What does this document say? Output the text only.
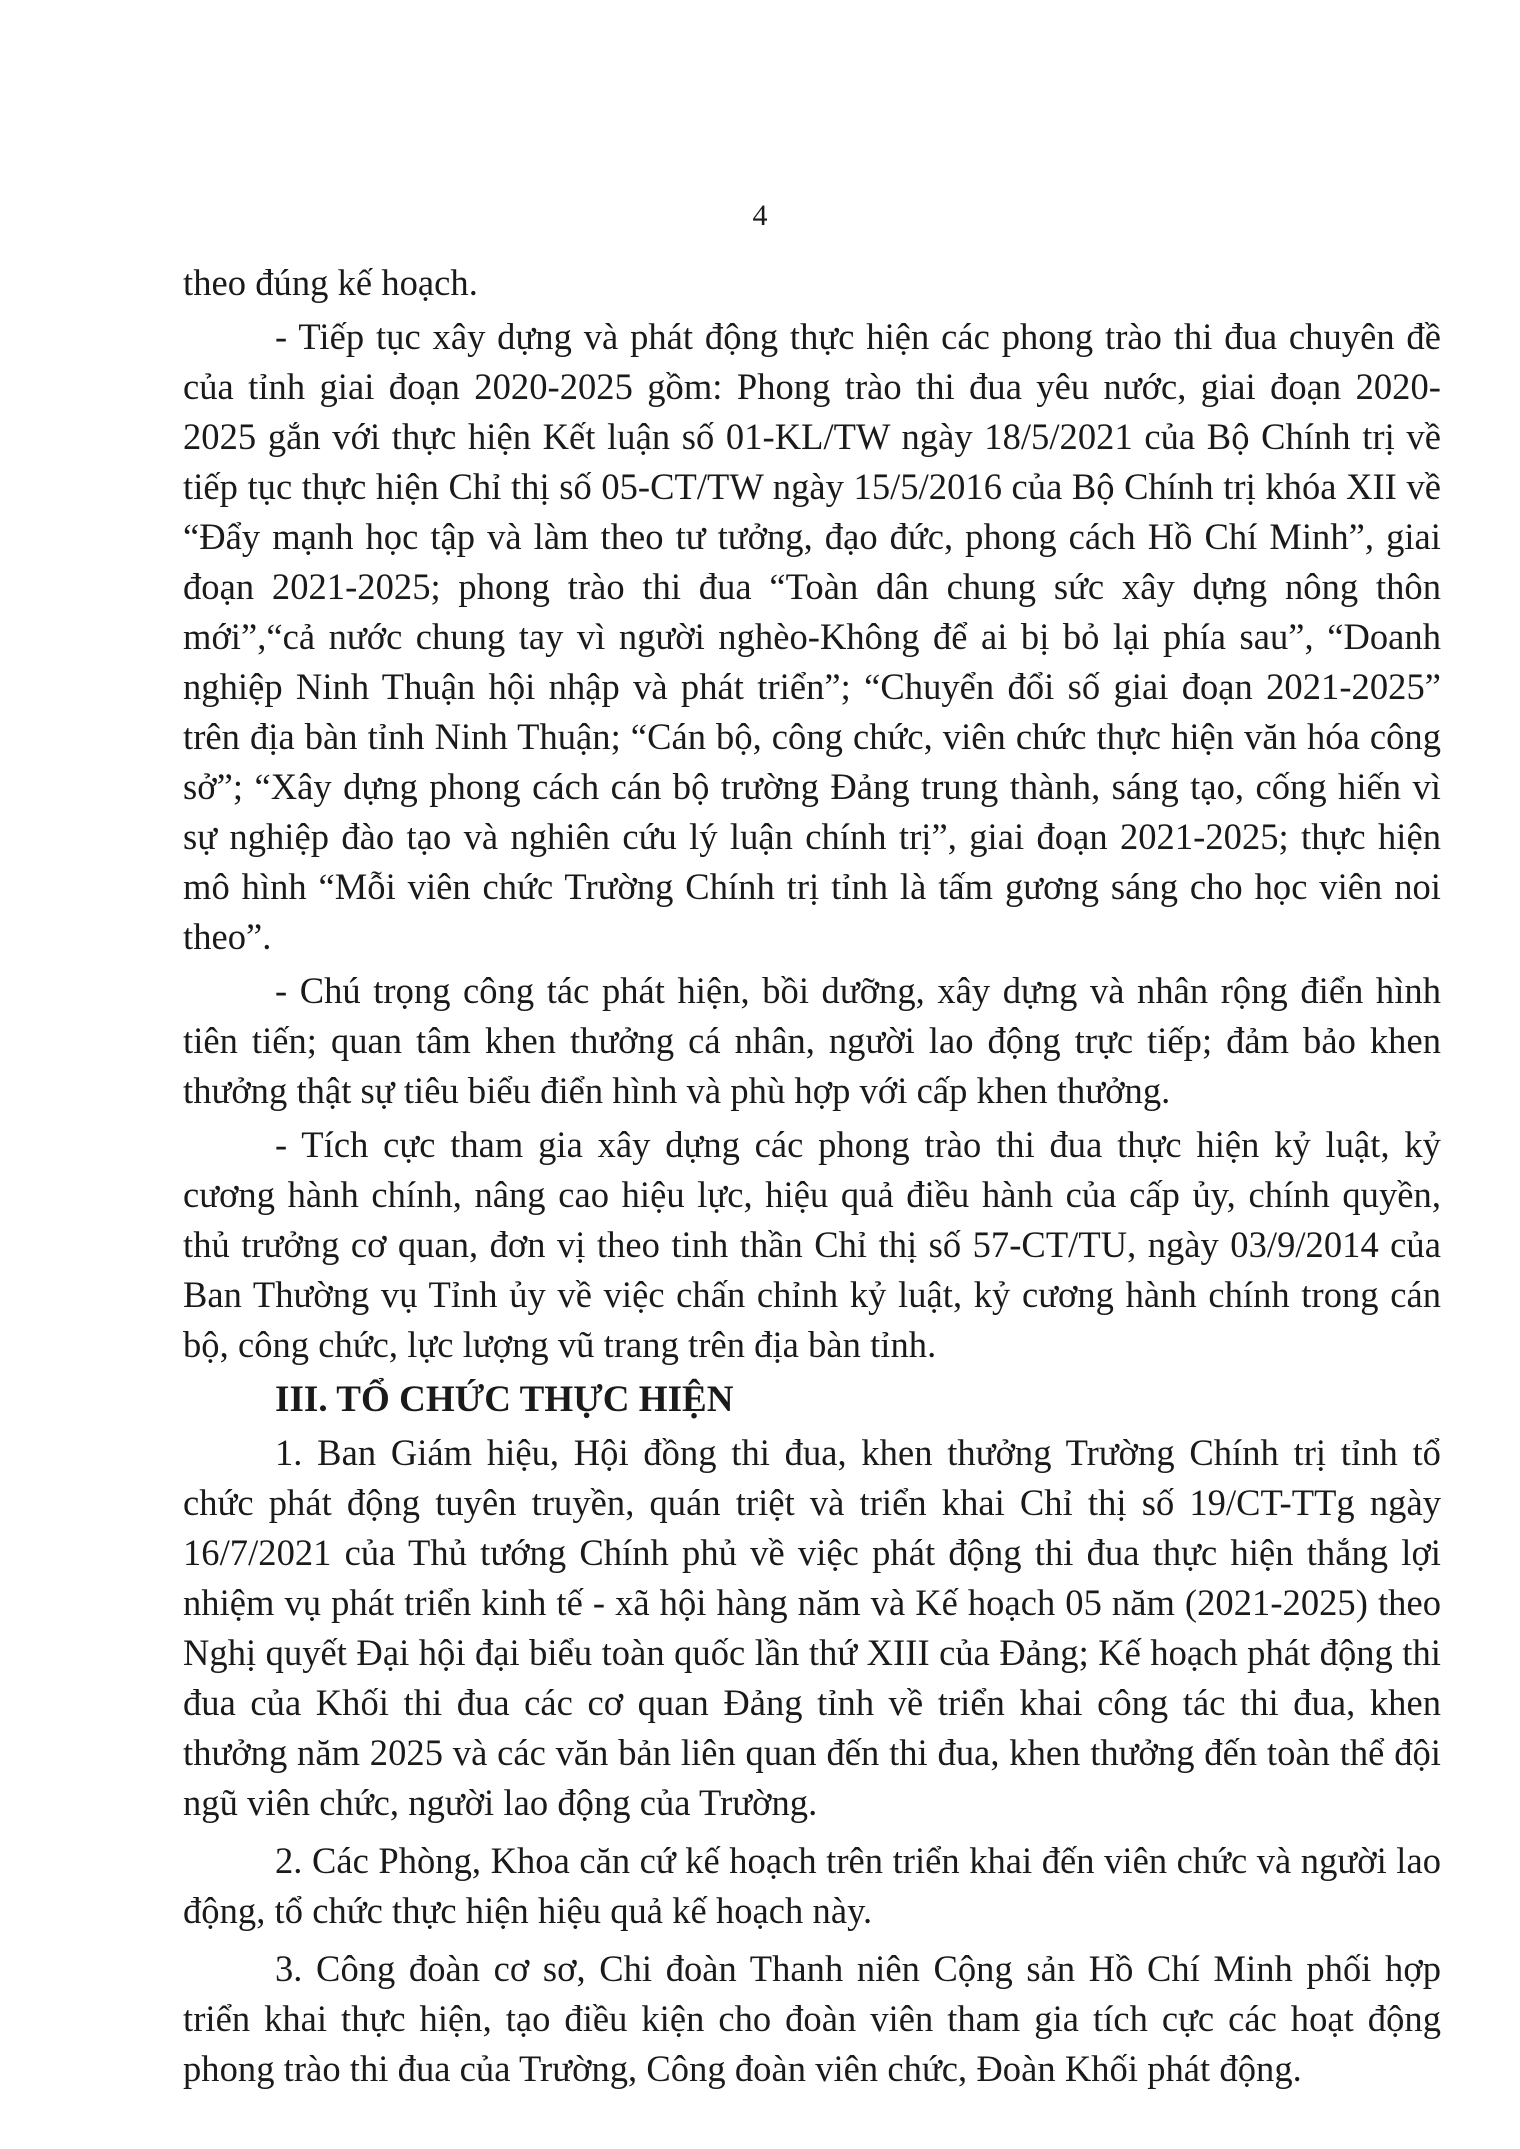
4

theo đúng kế hoạch.

- Tiếp tục xây dựng và phát động thực hiện các phong trào thi đua chuyên đề của tỉnh giai đoạn 2020-2025 gồm: Phong trào thi đua yêu nước, giai đoạn 2020-2025 gắn với thực hiện Kết luận số 01-KL/TW ngày 18/5/2021 của Bộ Chính trị về tiếp tục thực hiện Chỉ thị số 05-CT/TW ngày 15/5/2016 của Bộ Chính trị khóa XII về “Đẩy mạnh học tập và làm theo tư tưởng, đạo đức, phong cách Hồ Chí Minh”, giai đoạn 2021-2025; phong trào thi đua “Toàn dân chung sức xây dựng nông thôn mới”,“cả nước chung tay vì người nghèo-Không để ai bị bỏ lại phía sau”, “Doanh nghiệp Ninh Thuận hội nhập và phát triển”; “Chuyển đổi số giai đoạn 2021-2025” trên địa bàn tỉnh Ninh Thuận; “Cán bộ, công chức, viên chức thực hiện văn hóa công sở”; “Xây dựng phong cách cán bộ trường Đảng trung thành, sáng tạo, cống hiến vì sự nghiệp đào tạo và nghiên cứu lý luận chính trị”, giai đoạn 2021-2025; thực hiện mô hình “Mỗi viên chức Trường Chính trị tỉnh là tấm gương sáng cho học viên noi theo”.

- Chú trọng công tác phát hiện, bồi dưỡng, xây dựng và nhân rộng điển hình tiên tiến; quan tâm khen thưởng cá nhân, người lao động trực tiếp; đảm bảo khen thưởng thật sự tiêu biểu điển hình và phù hợp với cấp khen thưởng.

- Tích cực tham gia xây dựng các phong trào thi đua thực hiện kỷ luật, kỷ cương hành chính, nâng cao hiệu lực, hiệu quả điều hành của cấp ủy, chính quyền, thủ trưởng cơ quan, đơn vị theo tinh thần Chỉ thị số 57-CT/TU, ngày 03/9/2014 của Ban Thường vụ Tỉnh ủy về việc chấn chỉnh kỷ luật, kỷ cương hành chính trong cán bộ, công chức, lực lượng vũ trang trên địa bàn tỉnh.

III. TỔ CHỨC THỰC HIỆN

1. Ban Giám hiệu, Hội đồng thi đua, khen thưởng Trường Chính trị tỉnh tổ chức phát động tuyên truyền, quán triệt và triển khai Chỉ thị số 19/CT-TTg ngày 16/7/2021 của Thủ tướng Chính phủ về việc phát động thi đua thực hiện thắng lợi nhiệm vụ phát triển kinh tế - xã hội hàng năm và Kế hoạch 05 năm (2021-2025) theo Nghị quyết Đại hội đại biểu toàn quốc lần thứ XIII của Đảng; Kế hoạch phát động thi đua của Khối thi đua các cơ quan Đảng tỉnh về triển khai công tác thi đua, khen thưởng năm 2025 và các văn bản liên quan đến thi đua, khen thưởng đến toàn thể đội ngũ viên chức, người lao động của Trường.

2. Các Phòng, Khoa căn cứ kế hoạch trên triển khai đến viên chức và người lao động, tổ chức thực hiện hiệu quả kế hoạch này.

3. Công đoàn cơ sơ, Chi đoàn Thanh niên Cộng sản Hồ Chí Minh phối hợp triển khai thực hiện, tạo điều kiện cho đoàn viên tham gia tích cực các hoạt động phong trào thi đua của Trường, Công đoàn viên chức, Đoàn Khối phát động.
